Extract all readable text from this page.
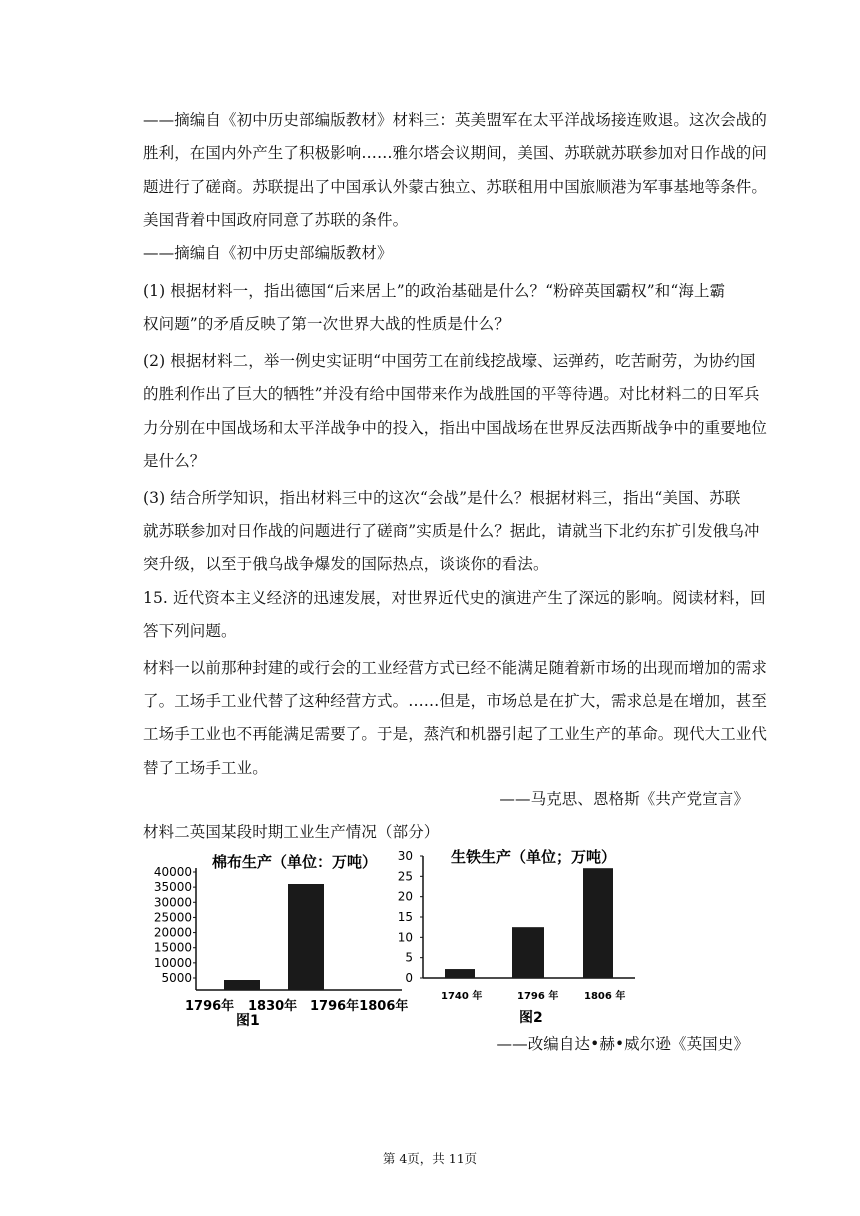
——摘编自《初中历史部编版教材》材料三：英美盟军在太平洋战场接连败退。这次会战的
胜利，在国内外产生了积极影响……雅尔塔会议期间，美国、苏联就苏联参加对日作战的问
题进行了磋商。苏联提出了中国承认外蒙古独立、苏联租用中国旅顺港为军事基地等条件。
美国背着中国政府同意了苏联的条件。
——摘编自《初中历史部编版教材》
(1) 根据材料一，指出德国“后来居上”的政治基础是什么？“粉碎英国霸权”和“海上霸
权问题”的矛盾反映了第一次世界大战的性质是什么？
(2) 根据材料二，举一例史实证明“中国劳工在前线挖战壕、运弹药，吃苦耐劳，为协约国
的胜利作出了巨大的牺牲”并没有给中国带来作为战胜国的平等待遇。对比材料二的日军兵
力分别在中国战场和太平洋战争中的投入，指出中国战场在世界反法西斯战争中的重要地位
是什么？
(3) 结合所学知识，指出材料三中的这次“会战”是什么？根据材料三，指出“美国、苏联
就苏联参加对日作战的问题进行了磋商”实质是什么？据此，请就当下北约东扩引发俄乌冲
突升级，以至于俄乌战争爆发的国际热点，谈谈你的看法。
15. 近代资本主义经济的迅速发展，对世界近代史的演进产生了深远的影响。阅读材料，回
答下列问题。
材料一以前那种封建的或行会的工业经营方式已经不能满足随着新市场的出现而增加的需求
了。工场手工业代替了这种经营方式。……但是，市场总是在扩大，需求总是在增加，甚至
工场手工业也不再能满足需要了。于是，蒸汽和机器引起了工业生产的革命。现代大工业代
替了工场手工业。
——马克思、恩格斯《共产党宣言》
材料二英国某段时期工业生产情况（部分）
棉布生产（单位：万吨）
40000
35000
30000
25000
20000
15000
10000
5000
1796年 1830年 1796年1806年
图1
生铁生产（单位；万吨）
30
25
20
15
10
5
0
1740 年	1796 年	1806 年
图2
——改编自达•赫•威尔逊《英国史》
第 4页，共 11页
